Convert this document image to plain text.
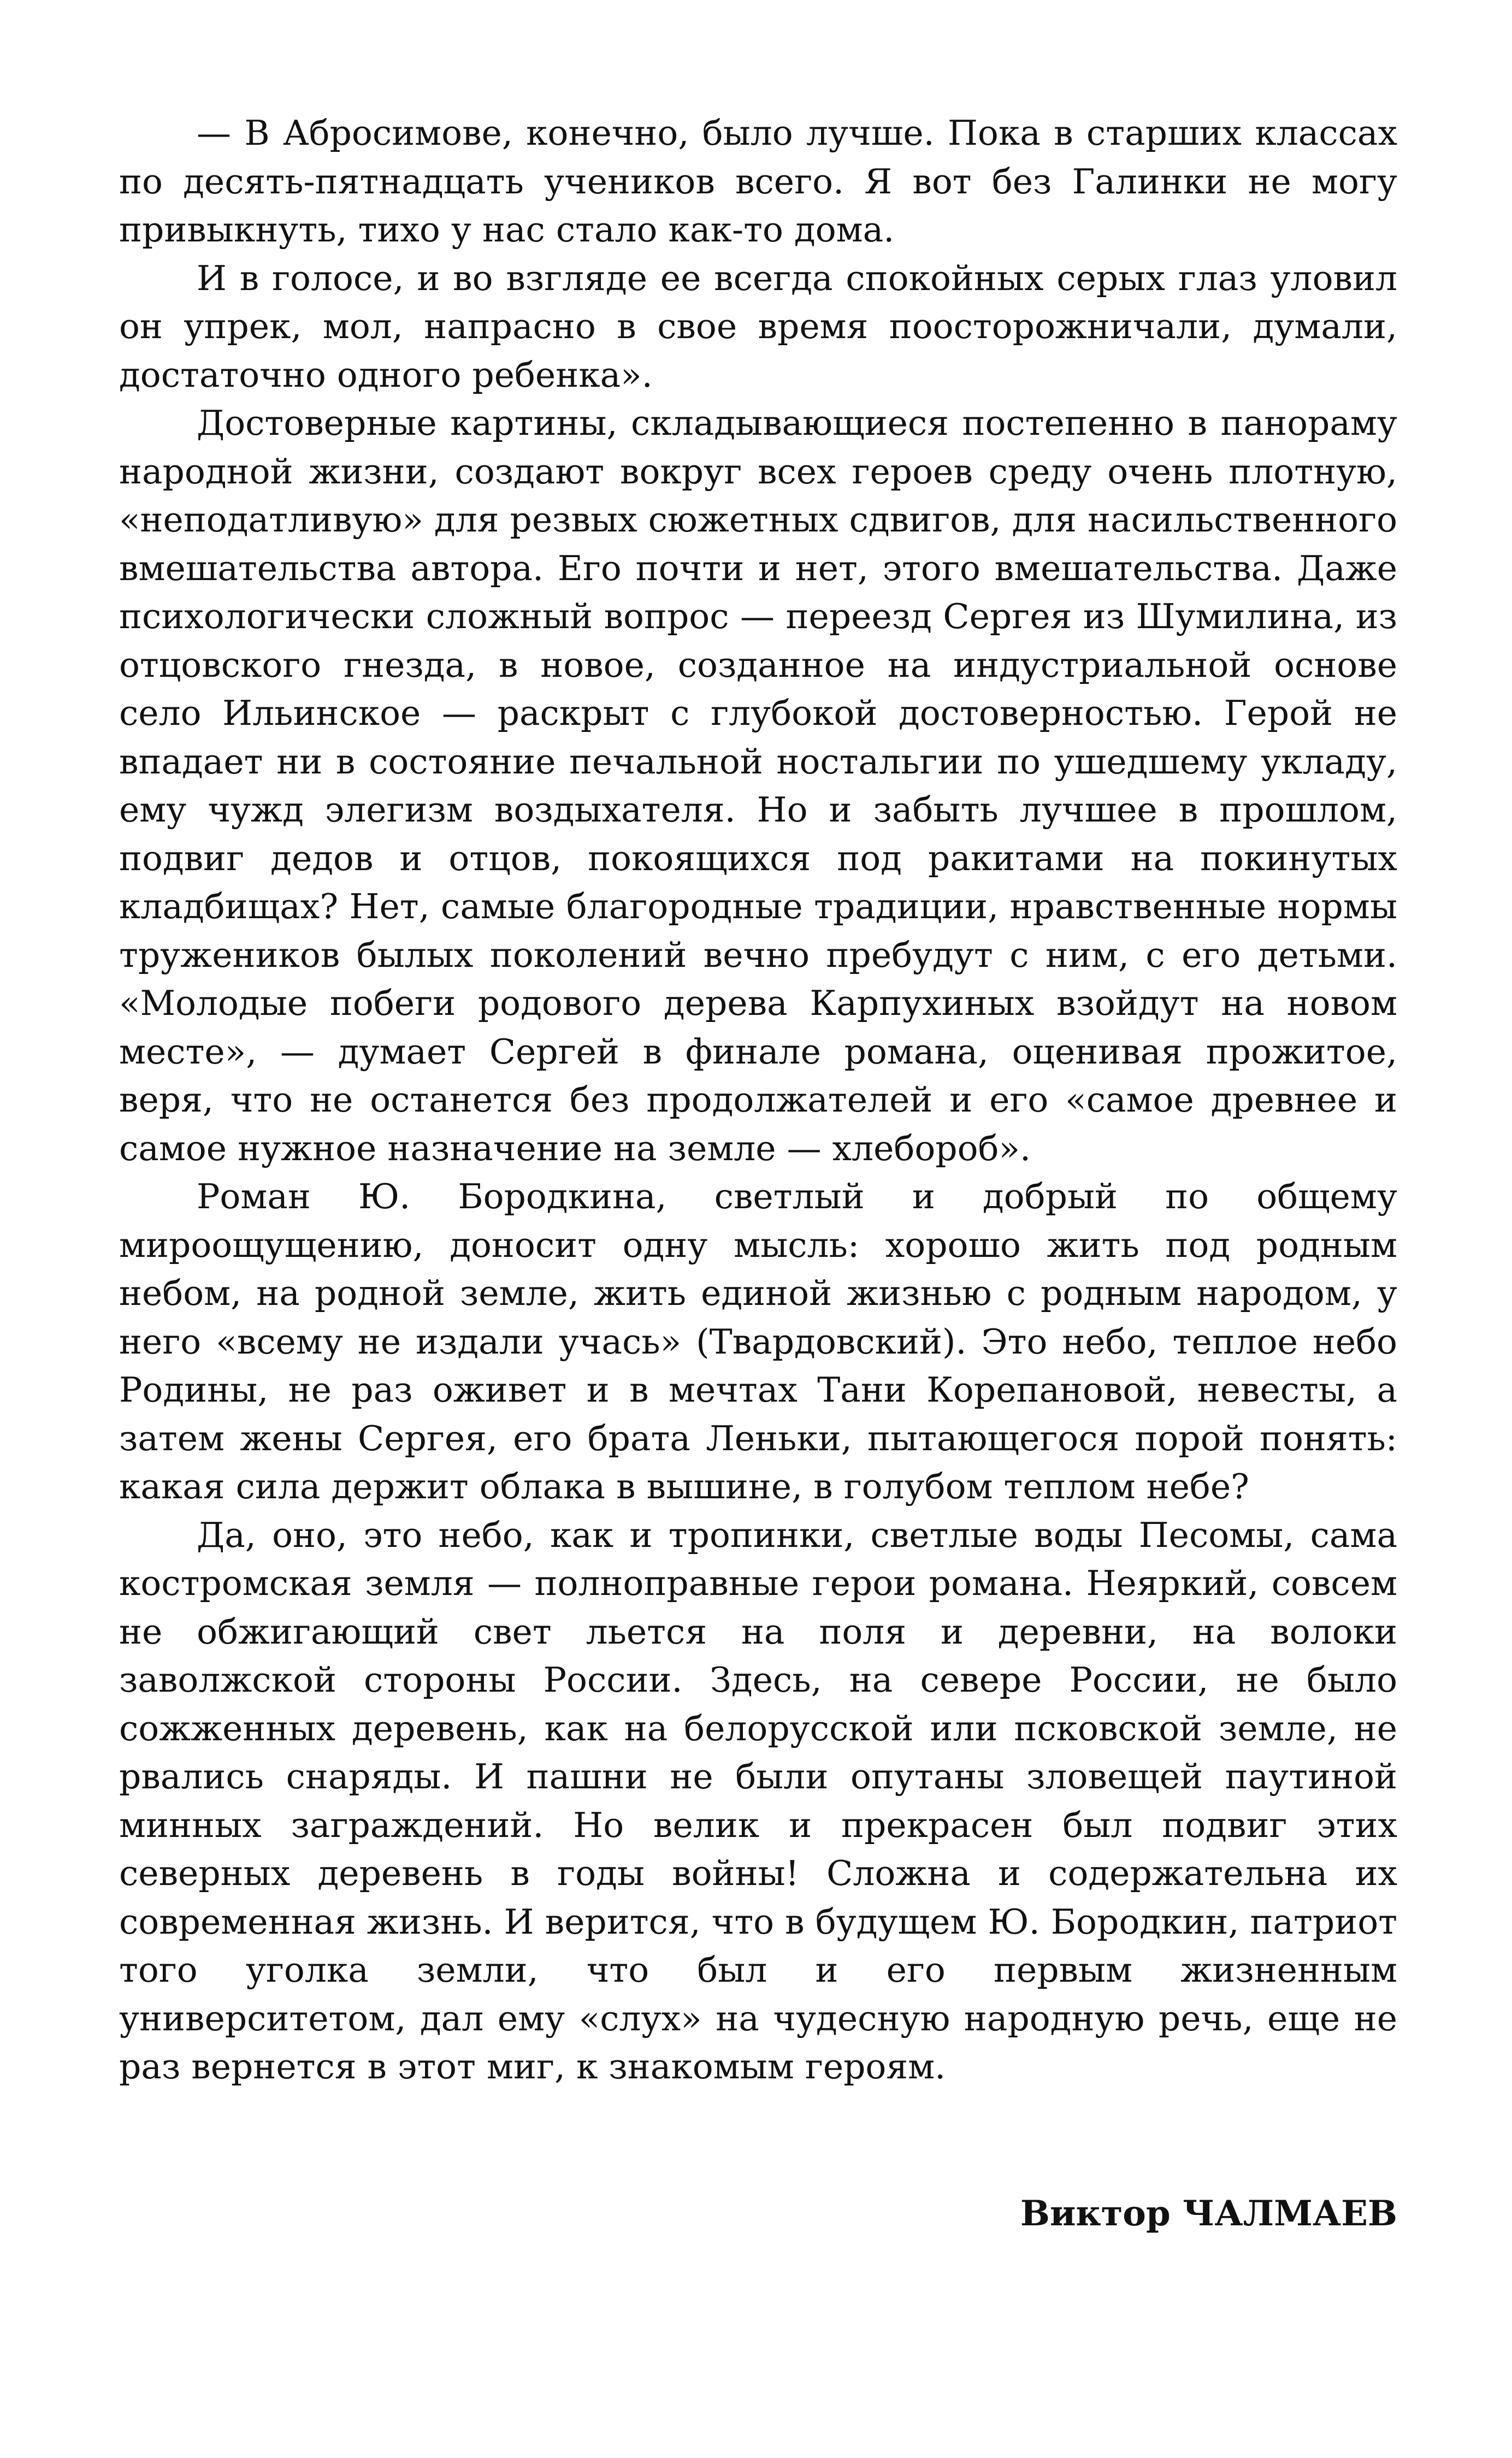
— В Абросимове, конечно, было лучше. Пока в старших классах по десять-пятнадцать учеников всего. Я вот без Галинки не могу привыкнуть, тихо у нас стало как-то дома.

И в голосе, и во взгляде ее всегда спокойных серых глаз уловил он упрек, мол, напрасно в свое время поосторожничали, думали, достаточно одного ребенка».

Достоверные картины, складывающиеся постепенно в панораму народной жизни, создают вокруг всех героев среду очень плотную, «неподатливую» для резвых сюжетных сдвигов, для насильственного вмешательства автора. Его почти и нет, этого вмешательства. Даже психологически сложный вопрос — переезд Сергея из Шумилина, из отцовского гнезда, в новое, созданное на индустриальной основе село Ильинское — раскрыт с глубокой достоверностью. Герой не впадает ни в состояние печальной ностальгии по ушедшему укладу, ему чужд элегизм воздыхателя. Но и забыть лучшее в прошлом, подвиг дедов и отцов, покоящихся под ракитами на покинутых кладбищах? Нет, самые благородные традиции, нравственные нормы тружеников былых поколений вечно пребудут с ним, с его детьми. «Молодые побеги родового дерева Карпухиных взойдут на новом месте», — думает Сергей в финале романа, оценивая прожитое, веря, что не останется без продолжателей и его «самое древнее и самое нужное назначение на земле — хлебороб».

Роман Ю. Бородкина, светлый и добрый по общему мироощущению, доносит одну мысль: хорошо жить под родным небом, на родной земле, жить единой жизнью с родным народом, у него «всему не издали учась» (Твардовский). Это небо, теплое небо Родины, не раз оживет и в мечтах Тани Корепановой, невесты, а затем жены Сергея, его брата Леньки, пытающегося порой понять: какая сила держит облака в вышине, в голубом теплом небе?

Да, оно, это небо, как и тропинки, светлые воды Песомы, сама костромская земля — полноправные герои романа. Неяркий, совсем не обжигающий свет льется на поля и деревни, на волоки заволжской стороны России. Здесь, на севере России, не было сожженных деревень, как на белорусской или псковской земле, не рвались снаряды. И пашни не были опутаны зловещей паутиной минных заграждений. Но велик и прекрасен был подвиг этих северных деревень в годы войны! Сложна и содержательна их современная жизнь. И верится, что в будущем Ю. Бородкин, патриот того уголка земли, что был и его первым жизненным университетом, дал ему «слух» на чудесную народную речь, еще не раз вернется в этот миг, к знакомым героям.

Виктор ЧАЛМАЕВ
